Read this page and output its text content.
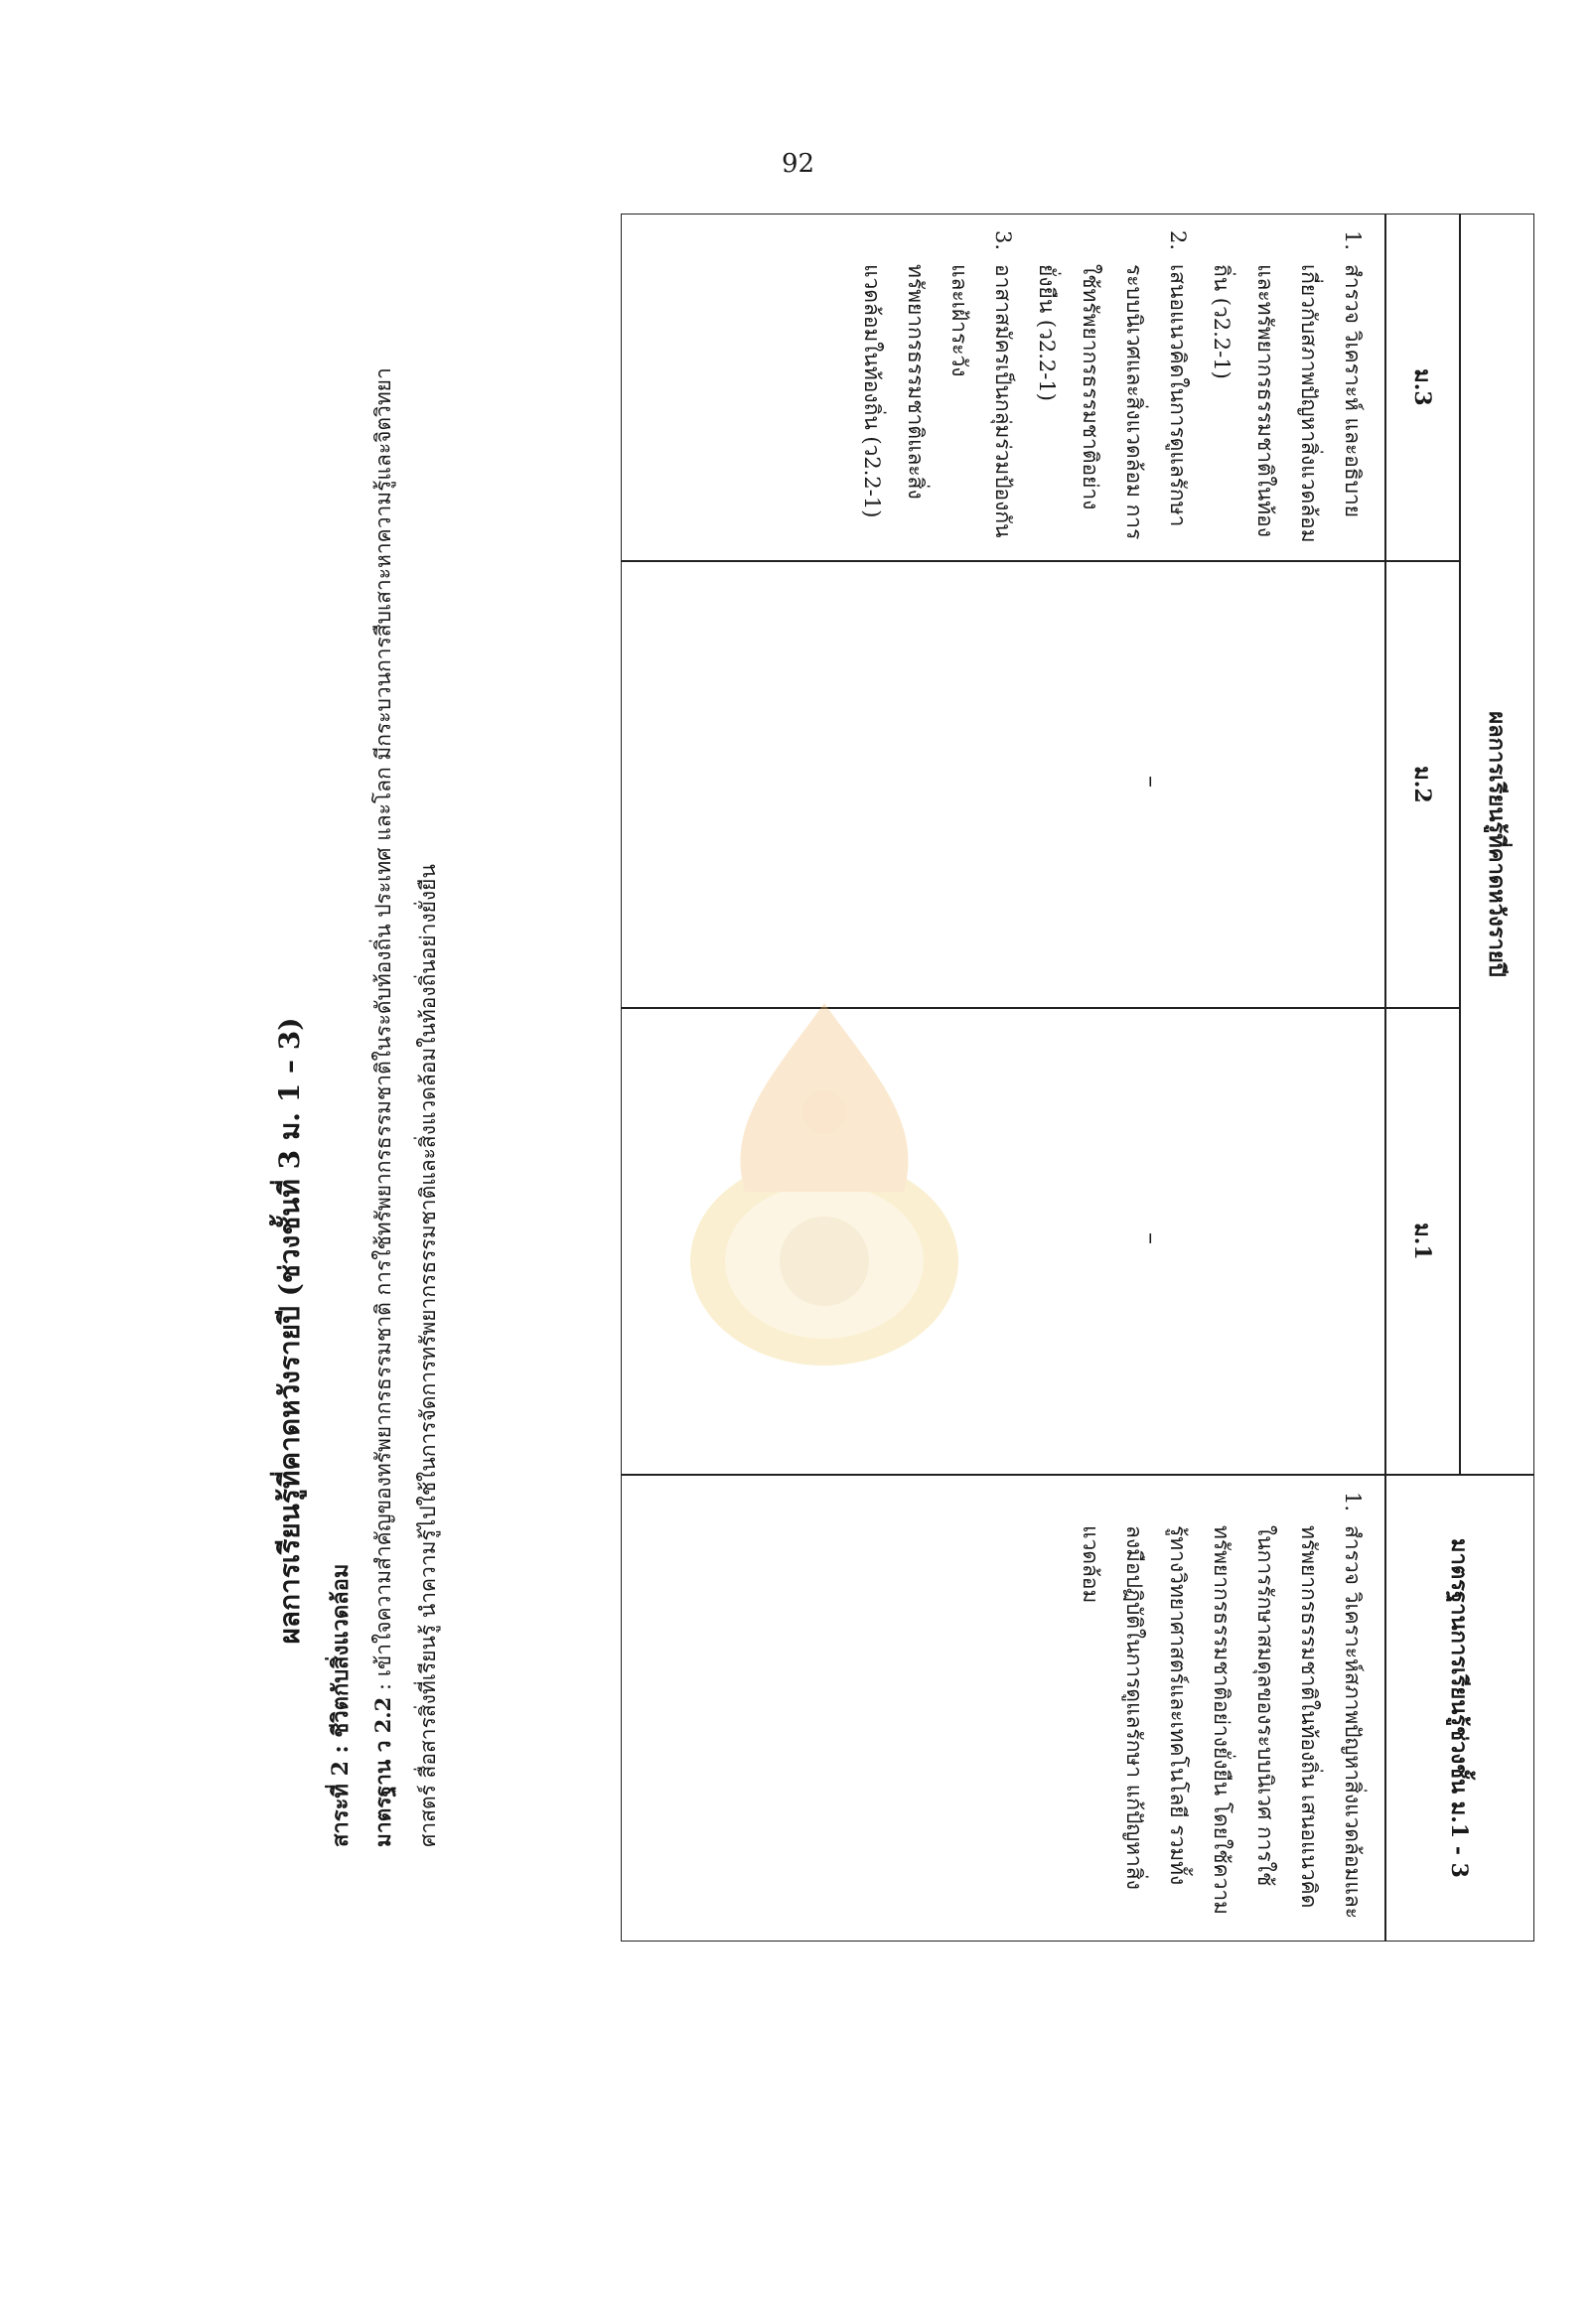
92
มาตรฐานการเรียนรู้ช่วงชั้น ม.1 - 3
1.
สำรวจ วิเคราะห์สภาพปัญหาสิ่งแวดล้อมและทรัพยากรธรรมชาติในท้องถิ่น เสนอแนวคิดในการรักษาสมดุลของระบบนิเวศ การใช้ทรัพยากรธรรมชาติอย่างยั่งยืน โดยใช้ความรู้ทางวิทยาศาสตร์และเทคโนโลยี รวมทั้งลงมือปฏิบัติในการดูแลรักษา แก้ปัญหาสิ่งแวดล้อม
ผลการเรียนรู้ที่คาดหวังรายปี
ม.1
ม.2
ม.3
–
–
1.
สำรวจ วิเคราะห์ และอธิบายเกี่ยวกับสภาพปัญหาสิ่งแวดล้อมและทรัพยากรธรรมชาติในท้องถิ่น (ว2.2-1)
2.
เสนอแนวคิดในการดูแลรักษาระบบนิเวศและสิ่งแวดล้อม การใช้ทรัพยากรธรรมชาติอย่างยั่งยืน (ว2.2-1)
3.
อาสาสมัครเป็นกลุ่มร่วมป้องกันและเฝ้าระวังทรัพยากรธรรมชาติและสิ่งแวดล้อมในท้องถิ่น (ว2.2-1)
ผลการเรียนรู้ที่คาดหวังรายปี (ช่วงชั้นที่ 3 ม. 1 – 3)
สาระที่ 2 : ชีวิตกับสิ่งแวดล้อม มาตรฐาน ว 2.2 : เข้าใจความสำคัญของทรัพยากรธรรมชาติ การใช้ทรัพยากรธรรมชาติในระดับท้องถิ่น ประเทศ และโลก มีกระบวนการสืบเสาะหาความรู้และจิตวิทยา ศาสตร์ สื่อสารสิ่งที่เรียนรู้ นำความรู้ไปใช้ในการจัดการทรัพยากรธรรมชาติและสิ่งแวดล้อมในท้องถิ่นอย่างยั่งยืน
